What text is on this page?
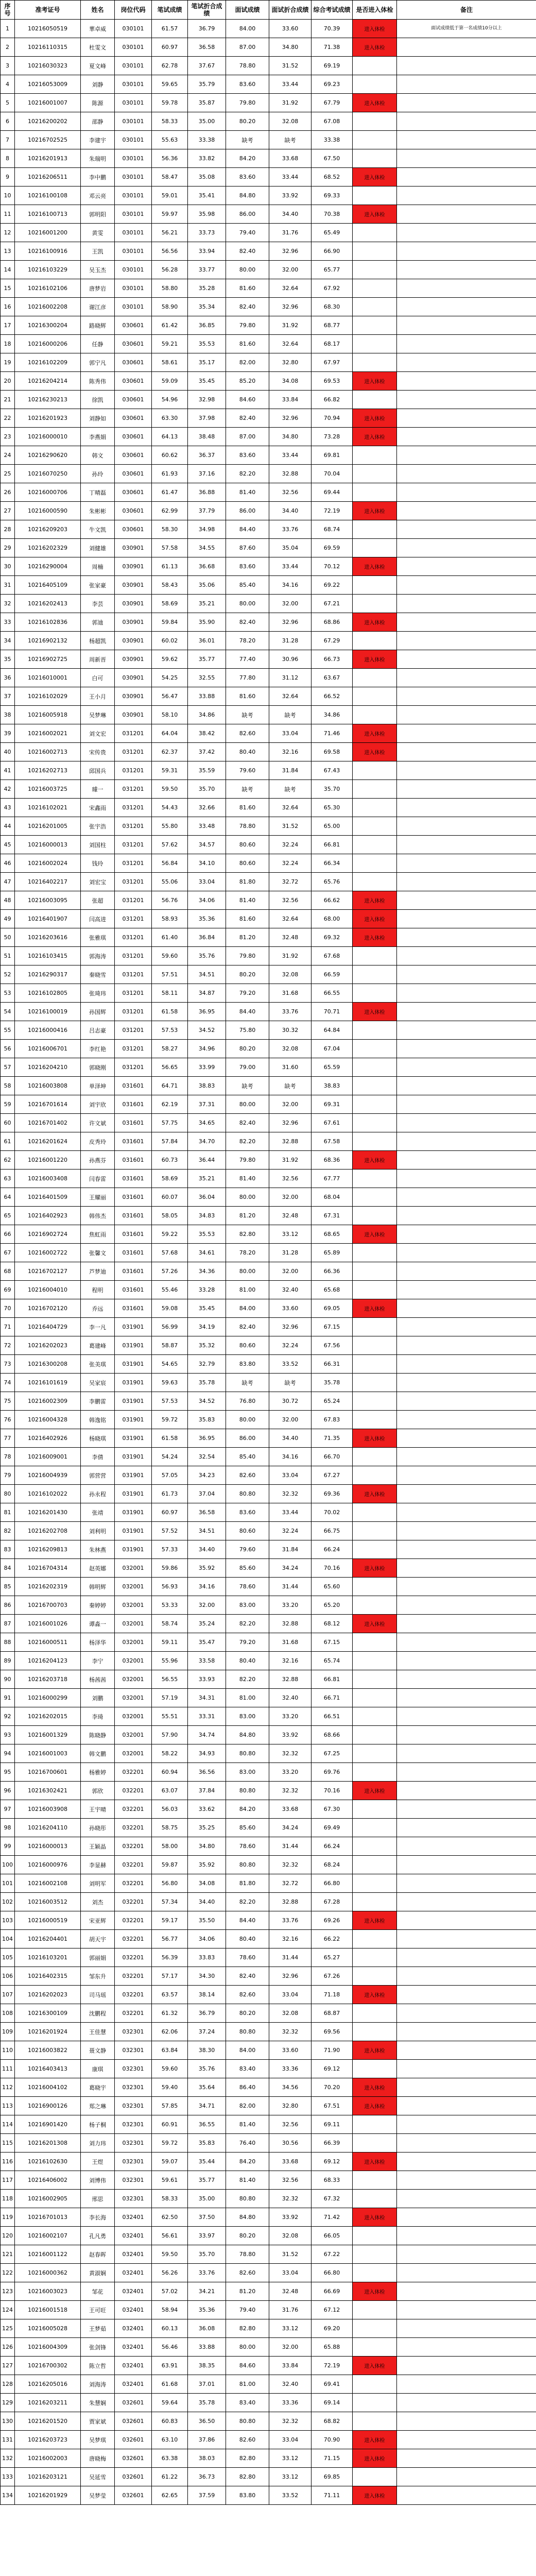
序号	准考证号	姓名	岗位代码	笔试成绩	笔试折合成绩	面试成绩	面试折合成绩	综合考试成绩	是否进入体检	备注
1	10216050519	華卓威	030101	61.57	36.79	84.00	33.60	70.39	进入体检	面试成绩低于第一名成绩10分以上
2	10216110315	杜雯文	030101	60.97	36.58	87.00	34.80	71.38	进入体检	
3	10216030323	夏文峰	030101	62.78	37.67	78.80	31.52	69.19		
4	10216053009	刘静	030101	59.65	35.79	83.60	33.44	69.23		
5	10216001007	陈源	030101	59.78	35.87	79.80	31.92	67.79	进入体检	
6	10216200202	邵静	030101	58.33	35.00	80.20	32.08	67.08		
7	10216702525	李建宇	030101	55.63	33.38	缺考	缺考	33.38		
8	10216201913	朱瑞明	030101	56.36	33.82	84.20	33.68	67.50		
9	10216206511	李中鹏	030101	58.47	35.08	83.60	33.44	68.52	进入体检	
10	10216100108	邓云亮	030101	59.01	35.41	84.80	33.92	69.33		
11	10216100713	郭明阳	030101	59.97	35.98	86.00	34.40	70.38	进入体检	
12	10216001200	黄雯	030101	56.21	33.73	79.40	31.76	65.49		
13	10216100916	王凯	030101	56.56	33.94	82.40	32.96	66.90		
14	10216103229	吴玉杰	030101	56.28	33.77	80.00	32.00	65.77		
15	10216102106	唐梦岩	030101	58.80	35.28	81.60	32.64	67.92		
16	10216002208	谢江彦	030101	58.90	35.34	82.40	32.96	68.30		
17	10216300204	路晓辉	030601	61.42	36.85	79.80	31.92	68.77		
18	10216000206	任静	030601	59.21	35.53	81.60	32.64	68.17		
19	10216102209	郭宁凡	030601	58.61	35.17	82.00	32.80	67.97		
20	10216204214	陈秀伟	030601	59.09	35.45	85.20	34.08	69.53	进入体检	
21	10216230213	徐凯	030601	54.96	32.98	84.60	33.84	66.82		
22	10216201923	刘静如	030601	63.30	37.98	82.40	32.96	70.94	进入体检	
23	10216000010	李燕娟	030601	64.13	38.48	87.00	34.80	73.28	进入体检	
24	10216290620	韩文	030601	60.62	36.37	83.60	33.44	69.81		
25	10216070250	孙玲	030601	61.93	37.16	82.20	32.88	70.04		
26	10216000706	丁晴磊	030601	61.47	36.88	81.40	32.56	69.44		
27	10216000590	朱彬彬	030601	62.99	37.79	86.00	34.40	72.19	进入体检	
28	10216209203	牛文凯	030601	58.30	34.98	84.40	33.76	68.74		
29	10216202329	刘健雄	030901	57.58	34.55	87.60	35.04	69.59		
30	10216290004	周楠	030901	61.13	36.68	83.60	33.44	70.12	进入体检	
31	10216405109	张家豪	030901	58.43	35.06	85.40	34.16	69.22		
32	10216202413	李芸	030901	58.69	35.21	80.00	32.00	67.21		
33	10216102836	郭迪	030901	59.84	35.90	82.40	32.96	68.86	进入体检	
34	10216902132	杨超凯	030901	60.02	36.01	78.20	31.28	67.29		
35	10216902725	周新晋	030901	59.62	35.77	77.40	30.96	66.73	进入体检	
36	10216010001	白可	030901	54.25	32.55	77.80	31.12	63.67		
37	10216102029	王小月	030901	56.47	33.88	81.60	32.64	66.52		
38	10216005918	吴梦琳	030901	58.10	34.86	缺考	缺考	34.86		
39	10216002021	刘文宏	031201	64.04	38.42	82.60	33.04	71.46	进入体检	
40	10216002713	宋传贵	031201	62.37	37.42	80.40	32.16	69.58	进入体检	
41	10216202713	邱国兵	031201	59.31	35.59	79.60	31.84	67.43		
42	10216003725	璩一	031201	59.50	35.70	缺考	缺考	35.70		
43	10216102021	宋鑫雨	031201	54.43	32.66	81.60	32.64	65.30		
44	10216201005	张宇浩	031201	55.80	33.48	78.80	31.52	65.00		
45	10216000013	刘国柱	031201	57.62	34.57	80.60	32.24	66.81		
46	10216002024	钱玲	031201	56.84	34.10	80.60	32.24	66.34		
47	10216402217	刘宏宝	031201	55.06	33.04	81.80	32.72	65.76		
48	10216003095	张超	031201	56.76	34.06	81.40	32.56	66.62	进入体检	
49	10216401907	闫高进	031201	58.93	35.36	81.60	32.64	68.00	进入体检	
50	10216203616	张雅琪	031201	61.40	36.84	81.20	32.48	69.32	进入体检	
51	10216103415	郭海涛	031201	59.60	35.76	79.80	31.92	67.68		
52	10216290317	秦晓雪	031201	57.51	34.51	80.20	32.08	66.59		
53	10216102805	张琦玮	031201	58.11	34.87	79.20	31.68	66.55		
54	10216100019	孙国辉	031201	61.58	36.95	84.40	33.76	70.71	进入体检	
55	10216000416	吕志豪	031201	57.53	34.52	75.80	30.32	64.84		
56	10216006701	李红艳	031201	58.27	34.96	80.20	32.08	67.04		
57	10216204210	郭晓刚	031201	56.65	33.99	79.00	31.60	65.59		
58	10216003808	单泽坤	031601	64.71	38.83	缺考	缺考	38.83		
59	10216701614	刘宇欣	031601	62.19	37.31	80.00	32.00	69.31		
60	10216701402	许文斌	031601	57.75	34.65	82.40	32.96	67.61		
61	10216201624	皮秀玲	031601	57.84	34.70	82.20	32.88	67.58		
62	10216001220	孙燕芬	031601	60.73	36.44	79.80	31.92	68.36	进入体检	
63	10216003408	闫春雷	031601	58.69	35.21	81.40	32.56	67.77		
64	10216401509	王耀丽	031601	60.07	36.04	80.00	32.00	68.04		
65	10216402923	韩伟杰	031601	58.05	34.83	81.20	32.48	67.31		
66	10216902724	焦虹雨	031601	59.22	35.53	82.80	33.12	68.65	进入体检	
67	10216002722	张馨文	031601	57.68	34.61	78.20	31.28	65.89		
68	10216702127	芦梦迪	031601	57.26	34.36	80.00	32.00	66.36		
69	10216004010	程明	031601	55.46	33.28	81.00	32.40	65.68		
70	10216702120	乔远	031601	59.08	35.45	84.00	33.60	69.05	进入体检	
71	10216404729	李一凡	031901	56.99	34.19	82.40	32.96	67.15		
72	10216202023	葛建峰	031901	58.87	35.32	80.60	32.24	67.56		
73	10216300208	张美琪	031901	54.65	32.79	83.80	33.52	66.31		
74	10216101619	吴家宸	031901	59.63	35.78	缺考	缺考	35.78		
75	10216002309	李鹏雷	031901	57.53	34.52	76.80	30.72	65.24		
76	10216004328	韩逸铭	031901	59.72	35.83	80.00	32.00	67.83		
77	10216402926	杨晓琪	031901	61.58	36.95	86.00	34.40	71.35	进入体检	
78	10216009001	李倩	031901	54.24	32.54	85.40	34.16	66.70		
79	10216004939	郭营营	031901	57.05	34.23	82.60	33.04	67.27		
80	10216102022	孙永程	031901	61.73	37.04	80.80	32.32	69.36	进入体检	
81	10216201430	张靖	031901	60.97	36.58	83.60	33.44	70.02		
82	10216202708	刘利明	031901	57.52	34.51	80.60	32.24	66.75		
83	10216209813	朱林燕	031901	57.33	34.40	79.60	31.84	66.24		
84	10216704314	赵英娜	032001	59.86	35.92	85.60	34.24	70.16	进入体检	
85	10216202319	韩明辉	032001	56.93	34.16	78.60	31.44	65.60		
86	10216700703	秦婷婷	032001	53.33	32.00	83.00	33.20	65.20		
87	10216001026	谭淼一	032001	58.74	35.24	82.20	32.88	68.12	进入体检	
88	10216000511	杨泽华	032001	59.11	35.47	79.20	31.68	67.15		
89	10216204123	李宁	032001	55.96	33.58	80.40	32.16	65.74		
90	10216203718	杨茜茜	032001	56.55	33.93	82.20	32.88	66.81		
91	10216000299	刘鹏	032001	57.19	34.31	81.00	32.40	66.71		
92	10216202015	李琦	032001	55.51	33.31	83.00	33.20	66.51		
93	10216001329	陈晓静	032001	57.90	34.74	84.80	33.92	68.66		
94	10216001003	韩文鹏	032001	58.22	34.93	80.80	32.32	67.25		
95	10216700601	杨雅婷	032201	60.94	36.56	83.00	33.20	69.76		
96	10216302421	郭欣	032201	63.07	37.84	80.80	32.32	70.16	进入体检	
97	10216003908	王宇晴	032201	56.03	33.62	84.20	33.68	67.30		
98	10216204110	孙晓彤	032201	58.75	35.25	85.60	34.24	69.49		
99	10216000013	王颖晶	032201	58.00	34.80	78.60	31.44	66.24		
100	10216000976	李显赫	032201	59.87	35.92	80.80	32.32	68.24		
101	10216002108	刘明军	032201	56.80	34.08	81.80	32.72	66.80		
102	10216003512	刘杰	032201	57.34	34.40	82.20	32.88	67.28		
103	10216000519	宋亚辉	032201	59.17	35.50	84.40	33.76	69.26	进入体检	
104	10216204401	胡天宇	032201	56.77	34.06	80.40	32.16	66.22		
105	10216103201	郭丽娟	032201	56.39	33.83	78.60	31.44	65.27		
106	10216402315	邹东升	032201	57.17	34.30	82.40	32.96	67.26		
107	10216202023	司马瑶	032201	63.57	38.14	82.60	33.04	71.18	进入体检	
108	10216300109	沈鹏程	032201	61.32	36.79	80.20	32.08	68.87		
109	10216201924	王佳慧	032301	62.06	37.24	80.80	32.32	69.56		
110	10216003822	聂文静	032301	63.84	38.30	84.00	33.60	71.90	进入体检	
111	10216403413	康琪	032301	59.60	35.76	83.40	33.36	69.12		
112	10216004102	葛晓宇	032301	59.40	35.64	86.40	34.56	70.20	进入体检	
113	10216900126	郑之琳	032301	57.85	34.71	82.00	32.80	67.51	进入体检	
114	10216901420	杨子桐	032301	60.91	36.55	81.40	32.56	69.11		
115	10216201308	刘力玮	032301	59.72	35.83	76.40	30.56	66.39		
116	10216102630	王煜	032301	59.07	35.44	84.20	33.68	69.12	进入体检	
117	10216406002	刘博伟	032301	59.61	35.77	81.40	32.56	68.33		
118	10216002905	邢思	032301	58.33	35.00	80.80	32.32	67.32		
119	10216701013	李长海	032401	62.50	37.50	84.80	33.92	71.42	进入体检	
120	10216002107	孔凡勇	032401	56.61	33.97	80.20	32.08	66.05		
121	10216001122	赵春晖	032401	59.50	35.70	78.80	31.52	67.22		
122	10216000362	黄淑娴	032401	56.26	33.76	82.60	33.04	66.80		
123	10216003023	邹花	032401	57.02	34.21	81.20	32.48	66.69	进入体检	
124	10216001518	王可旺	032401	58.94	35.36	79.40	31.76	67.12		
125	10216005028	王梦茹	032401	60.13	36.08	82.80	33.12	69.20		
126	10216004309	张剑锋	032401	56.46	33.88	80.00	32.00	65.88		
127	10216700302	陈立哲	032401	63.91	38.35	84.60	33.84	72.19	进入体检	
128	10216205016	刘海涛	032401	61.68	37.01	81.00	32.40	69.41		
129	10216203211	朱慧娴	032601	59.64	35.78	83.40	33.36	69.14		
130	10216201520	贾家斌	032601	60.83	36.50	80.80	32.32	68.82		
131	10216203723	吴梦琪	032601	63.10	37.86	82.60	33.04	70.90	进入体检	
132	10216002003	唐晓梅	032601	63.38	38.03	82.80	33.12	71.15	进入体检	
133	10216203121	吴延雪	032601	61.22	36.73	82.80	33.12	69.85		
134	10216201929	吴梦莹	032601	62.65	37.59	83.80	33.52	71.11	进入体检	
